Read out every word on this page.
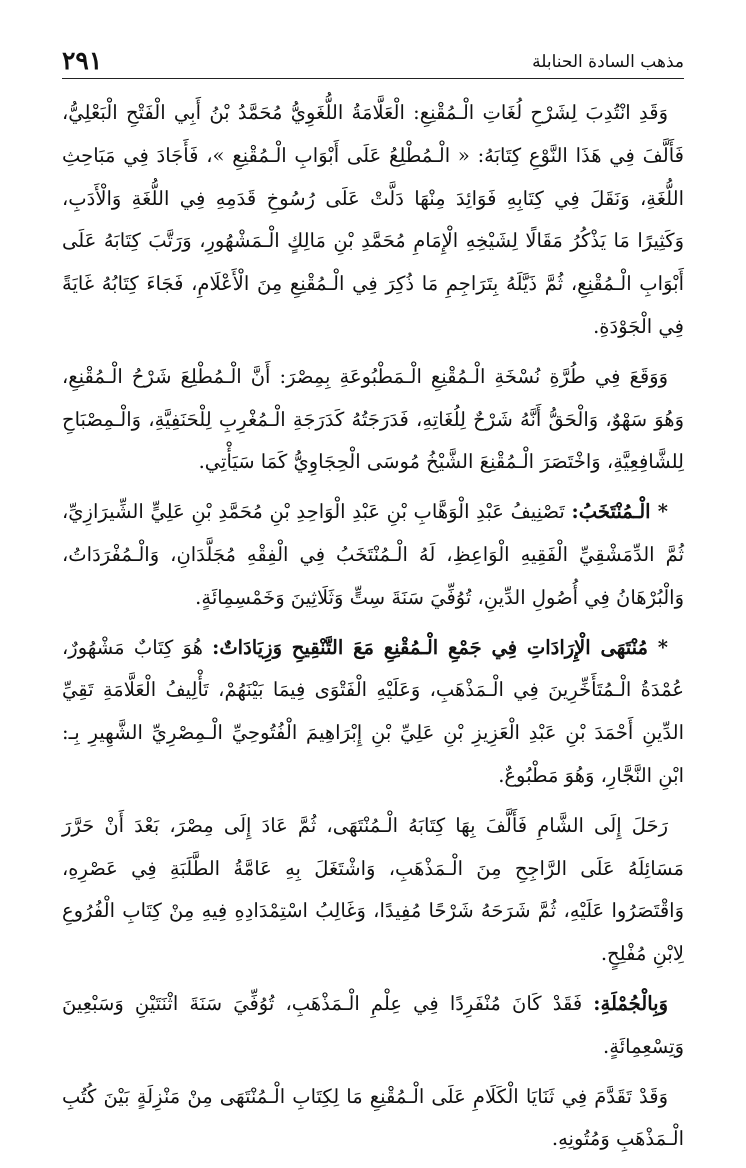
مذهب السادة الحنابلة
٢٩١

وَقَدِ انْتُدِبَ لِشَرْحِ لُغَاتِ الْـمُقْنِعِ: الْعَلَّامَةُ اللُّغَوِيُّ مُحَمَّدُ بْنُ أَبِي الْفَتْحِ الْبَعْلِيُّ، فَأَلَّفَ فِي هَذَا النَّوْعِ كِتَابَهُ: « الْـمُطْلِعُ عَلَى أَبْوَابِ الْـمُقْنِعِ »، فَأَجَادَ فِي مَبَاحِثِ اللُّغَةِ، وَنَقَلَ فِي كِتَابِهِ فَوَائِدَ مِنْهَا دَلَّتْ عَلَى رُسُوخِ قَدَمِهِ فِي اللُّغَةِ وَالْأَدَبِ، وَكَثِيرًا مَا يَذْكُرُ مَقَالًا لِشَيْخِهِ الْإِمَامِ مُحَمَّدِ بْنِ مَالِكٍ الْـمَشْهُورِ، وَرَتَّبَ كِتَابَهُ عَلَى أَبْوَابِ الْـمُقْنِعِ، ثُمَّ ذَيَّلَهُ بِتَرَاجِمِ مَا ذُكِرَ فِي الْـمُقْنِعِ مِنَ الْأَعْلَامِ، فَجَاءَ كِتَابُهُ غَايَةً فِي الْجَوْدَةِ.

وَوَقَعَ فِي طُرَّةِ نُسْخَةِ الْـمُقْنِعِ الْـمَطْبُوعَةِ بِمِصْرَ: أَنَّ الْـمُطْلِعَ شَرْحُ الْـمُقْنِعِ، وَهُوَ سَهْوٌ، وَالْحَقُّ أَنَّهُ شَرْحٌ لِلُغَاتِهِ، فَدَرَجَتُهُ كَدَرَجَةِ الْـمُغْرِبِ لِلْحَنَفِيَّةِ، وَالْـمِصْبَاحِ لِلشَّافِعِيَّةِ، وَاخْتَصَرَ الْـمُقْنِعَ الشَّيْخُ مُوسَى الْحِجَاوِيُّ كَمَا سَيَأْتِي.

* الْـمُنْتَخَبُ: تَصْنِيفُ عَبْدِ الْوَهَّابِ بْنِ عَبْدِ الْوَاحِدِ بْنِ مُحَمَّدِ بْنِ عَلِيٍّ الشِّيرَازِيِّ، ثُمَّ الدِّمَشْقِيِّ الْفَقِيهِ الْوَاعِظِ، لَهُ الْـمُنْتَخَبُ فِي الْفِقْهِ مُجَلَّدَانِ، وَالْـمُفْرَدَاتُ، وَالْبُرْهَانُ فِي أُصُولِ الدِّينِ، تُوُفِّيَ سَنَةَ سِتٍّ وَثَلَاثِينَ وَخَمْسِمِائَةٍ.

* مُنْتَهَى الْإِرَادَاتِ فِي جَمْعِ الْـمُقْنِعِ مَعَ التَّنْقِيحِ وَزِيَادَاتٌ: هُوَ كِتَابٌ مَشْهُورٌ، عُمْدَةُ الْـمُتَأَخِّرِينَ فِي الْـمَذْهَبِ، وَعَلَيْهِ الْفَتْوَى فِيمَا بَيْنَهُمْ، تَأْلِيفُ الْعَلَّامَةِ تَقِيِّ الدِّينِ أَحْمَدَ بْنِ عَبْدِ الْعَزِيزِ بْنِ عَلِيِّ بْنِ إِبْرَاهِيمَ الْفُتُوحِيِّ الْـمِصْرِيِّ الشَّهِيرِ بِـ: ابْنِ النَّجَّارِ، وَهُوَ مَطْبُوعٌ.

رَحَلَ إِلَى الشَّامِ فَأَلَّفَ بِهَا كِتَابَهُ الْـمُنْتَهَى، ثُمَّ عَادَ إِلَى مِصْرَ، بَعْدَ أَنْ حَرَّرَ مَسَائِلَهُ عَلَى الرَّاجِحِ مِنَ الْـمَذْهَبِ، وَاشْتَغَلَ بِهِ عَامَّةُ الطَّلَبَةِ فِي عَصْرِهِ، وَاقْتَصَرُوا عَلَيْهِ، ثُمَّ شَرَحَهُ شَرْحًا مُفِيدًا، وَغَالِبُ اسْتِمْدَادِهِ فِيهِ مِنْ كِتَابِ الْفُرُوعِ لِابْنِ مُفْلِحٍ.

وَبِالْجُمْلَةِ: فَقَدْ كَانَ مُنْفَرِدًا فِي عِلْمِ الْـمَذْهَبِ، تُوُفِّيَ سَنَةَ اثْنَتَيْنِ وَسَبْعِينَ وَتِسْعِمِائَةٍ.

وَقَدْ تَقَدَّمَ فِي ثَنَايَا الْكَلَامِ عَلَى الْـمُقْنِعِ مَا لِكِتَابِ الْـمُنْتَهَى مِنْ مَنْزِلَةٍ بَيْنَ كُتُبِ الْـمَذْهَبِ وَمُتُونِهِ.
